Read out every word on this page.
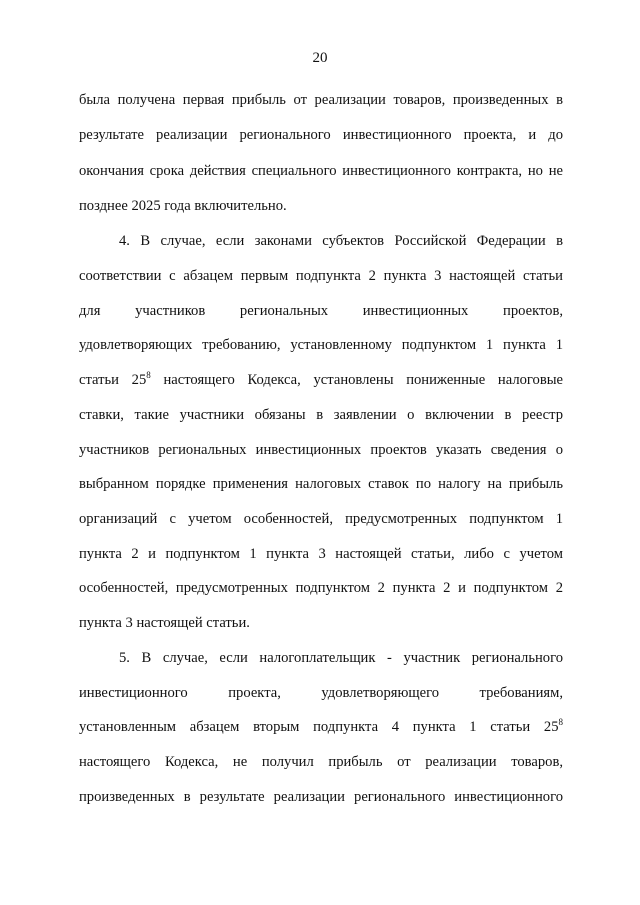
20
была получена первая прибыль от реализации товаров, произведенных в
результате реализации регионального инвестиционного проекта, и до
окончания срока действия специального инвестиционного контракта, но не
позднее 2025 года включительно.
4. В случае, если законами субъектов Российской Федерации в
соответствии с абзацем первым подпункта 2 пункта 3 настоящей статьи
для участников региональных инвестиционных проектов,
удовлетворяющих требованию, установленному подпунктом 1 пункта 1
статьи $25^8$ настоящего Кодекса, установлены пониженные налоговые
ставки, такие участники обязаны в заявлении о включении в реестр
участников региональных инвестиционных проектов указать сведения о
выбранном порядке применения налоговых ставок по налогу на прибыль
организаций с учетом особенностей, предусмотренных подпунктом 1
пункта 2 и подпунктом 1 пункта 3 настоящей статьи, либо с учетом
особенностей, предусмотренных подпунктом 2 пункта 2 и подпунктом 2
пункта 3 настоящей статьи.
5. В случае, если налогоплательщик - участник регионального
инвестиционного проекта, удовлетворяющего требованиям,
установленным абзацем вторым подпункта 4 пункта 1 статьи $25^8$
настоящего Кодекса, не получил прибыль от реализации товаров,
произведенных в результате реализации регионального инвестиционного
